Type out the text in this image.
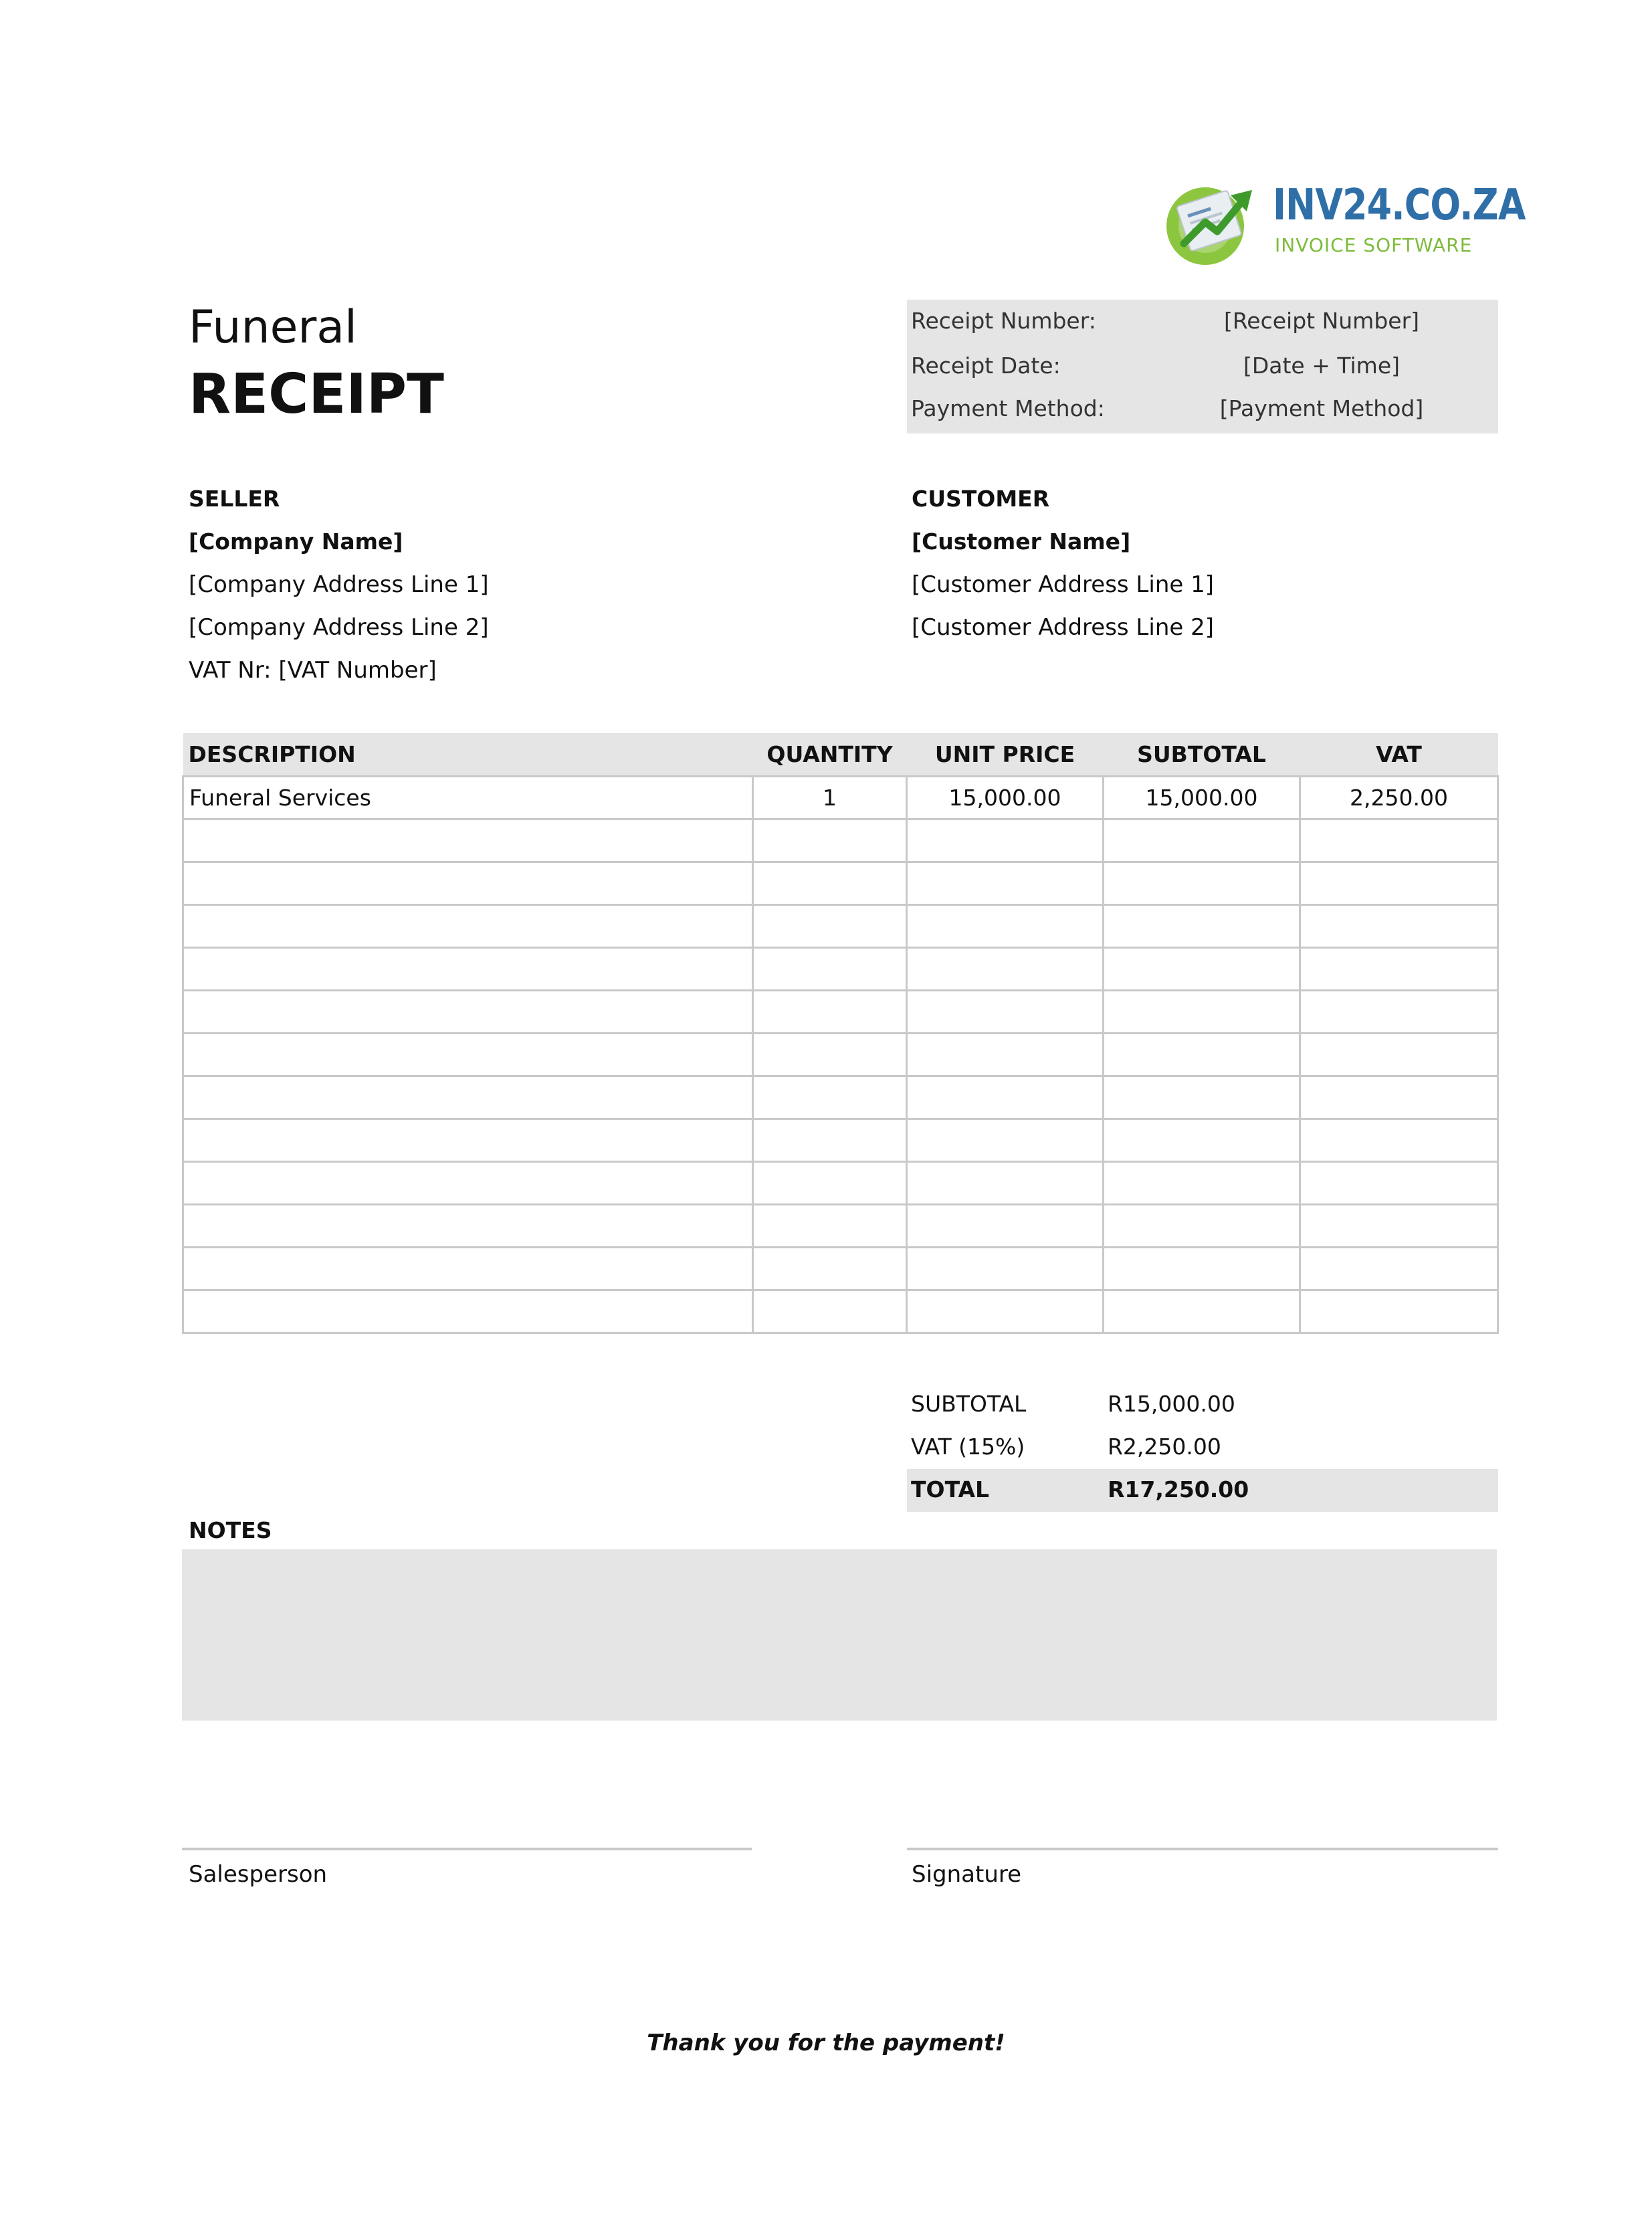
INV24.CO.ZA
INVOICE SOFTWARE
Funeral
RECEIPT
Receipt Number:	[Receipt Number]
Receipt Date:	[Date + Time]
Payment Method:	[Payment Method]
SELLER
[Company Name]
[Company Address Line 1]
[Company Address Line 2]
VAT Nr: [VAT Number]
CUSTOMER
[Customer Name]
[Customer Address Line 1]
[Customer Address Line 2]
DESCRIPTION	QUANTITY	UNIT PRICE	SUBTOTAL	VAT
Funeral Services	1	15,000.00	15,000.00	2,250.00

SUBTOTAL	R15,000.00
VAT (15%)	R2,250.00
TOTAL	R17,250.00
NOTES
Salesperson	Signature
Thank you for the payment!
